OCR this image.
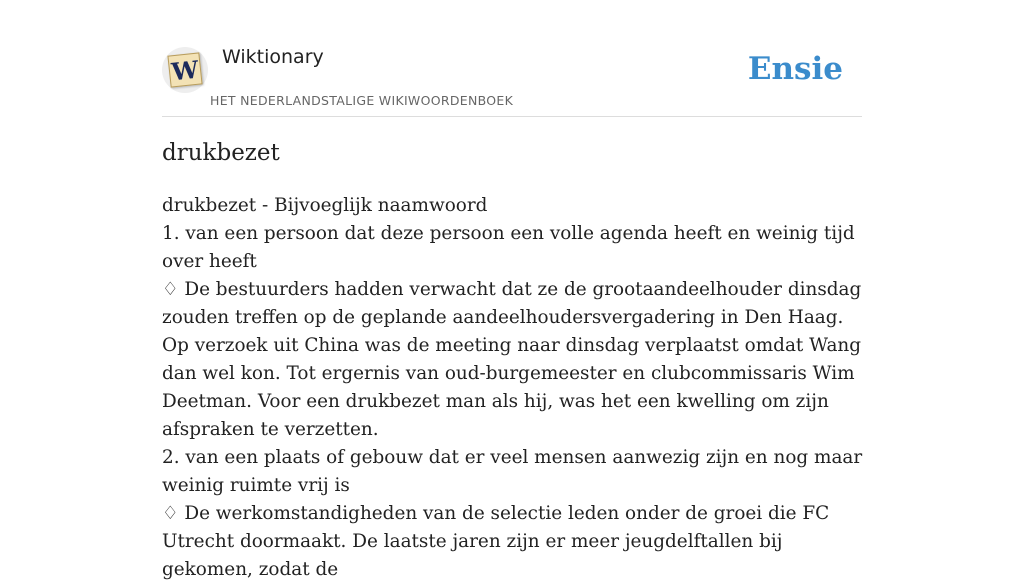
W Wiktionary
HET NEDERLANDSTALIGE WIKIWOORDENBOEK
Ensie
drukbezet
drukbezet - Bijvoeglijk naamwoord
1. van een persoon dat deze persoon een volle agenda heeft en weinig tijd over heeft
♢ De bestuurders hadden verwacht dat ze de grootaandeelhouder dinsdag zouden treffen op de geplande aandeelhoudersvergadering in Den Haag. Op verzoek uit China was de meeting naar dinsdag verplaatst omdat Wang dan wel kon. Tot ergernis van oud-burgemeester en clubcommissaris Wim Deetman. Voor een drukbezet man als hij, was het een kwelling om zijn afspraken te verzetten.
2. van een plaats of gebouw dat er veel mensen aanwezig zijn en nog maar weinig ruimte vrij is
♢ De werkomstandigheden van de selectie leden onder de groei die FC Utrecht doormaakt. De laatste jaren zijn er meer jeugdelftallen bij gekomen, zodat de
